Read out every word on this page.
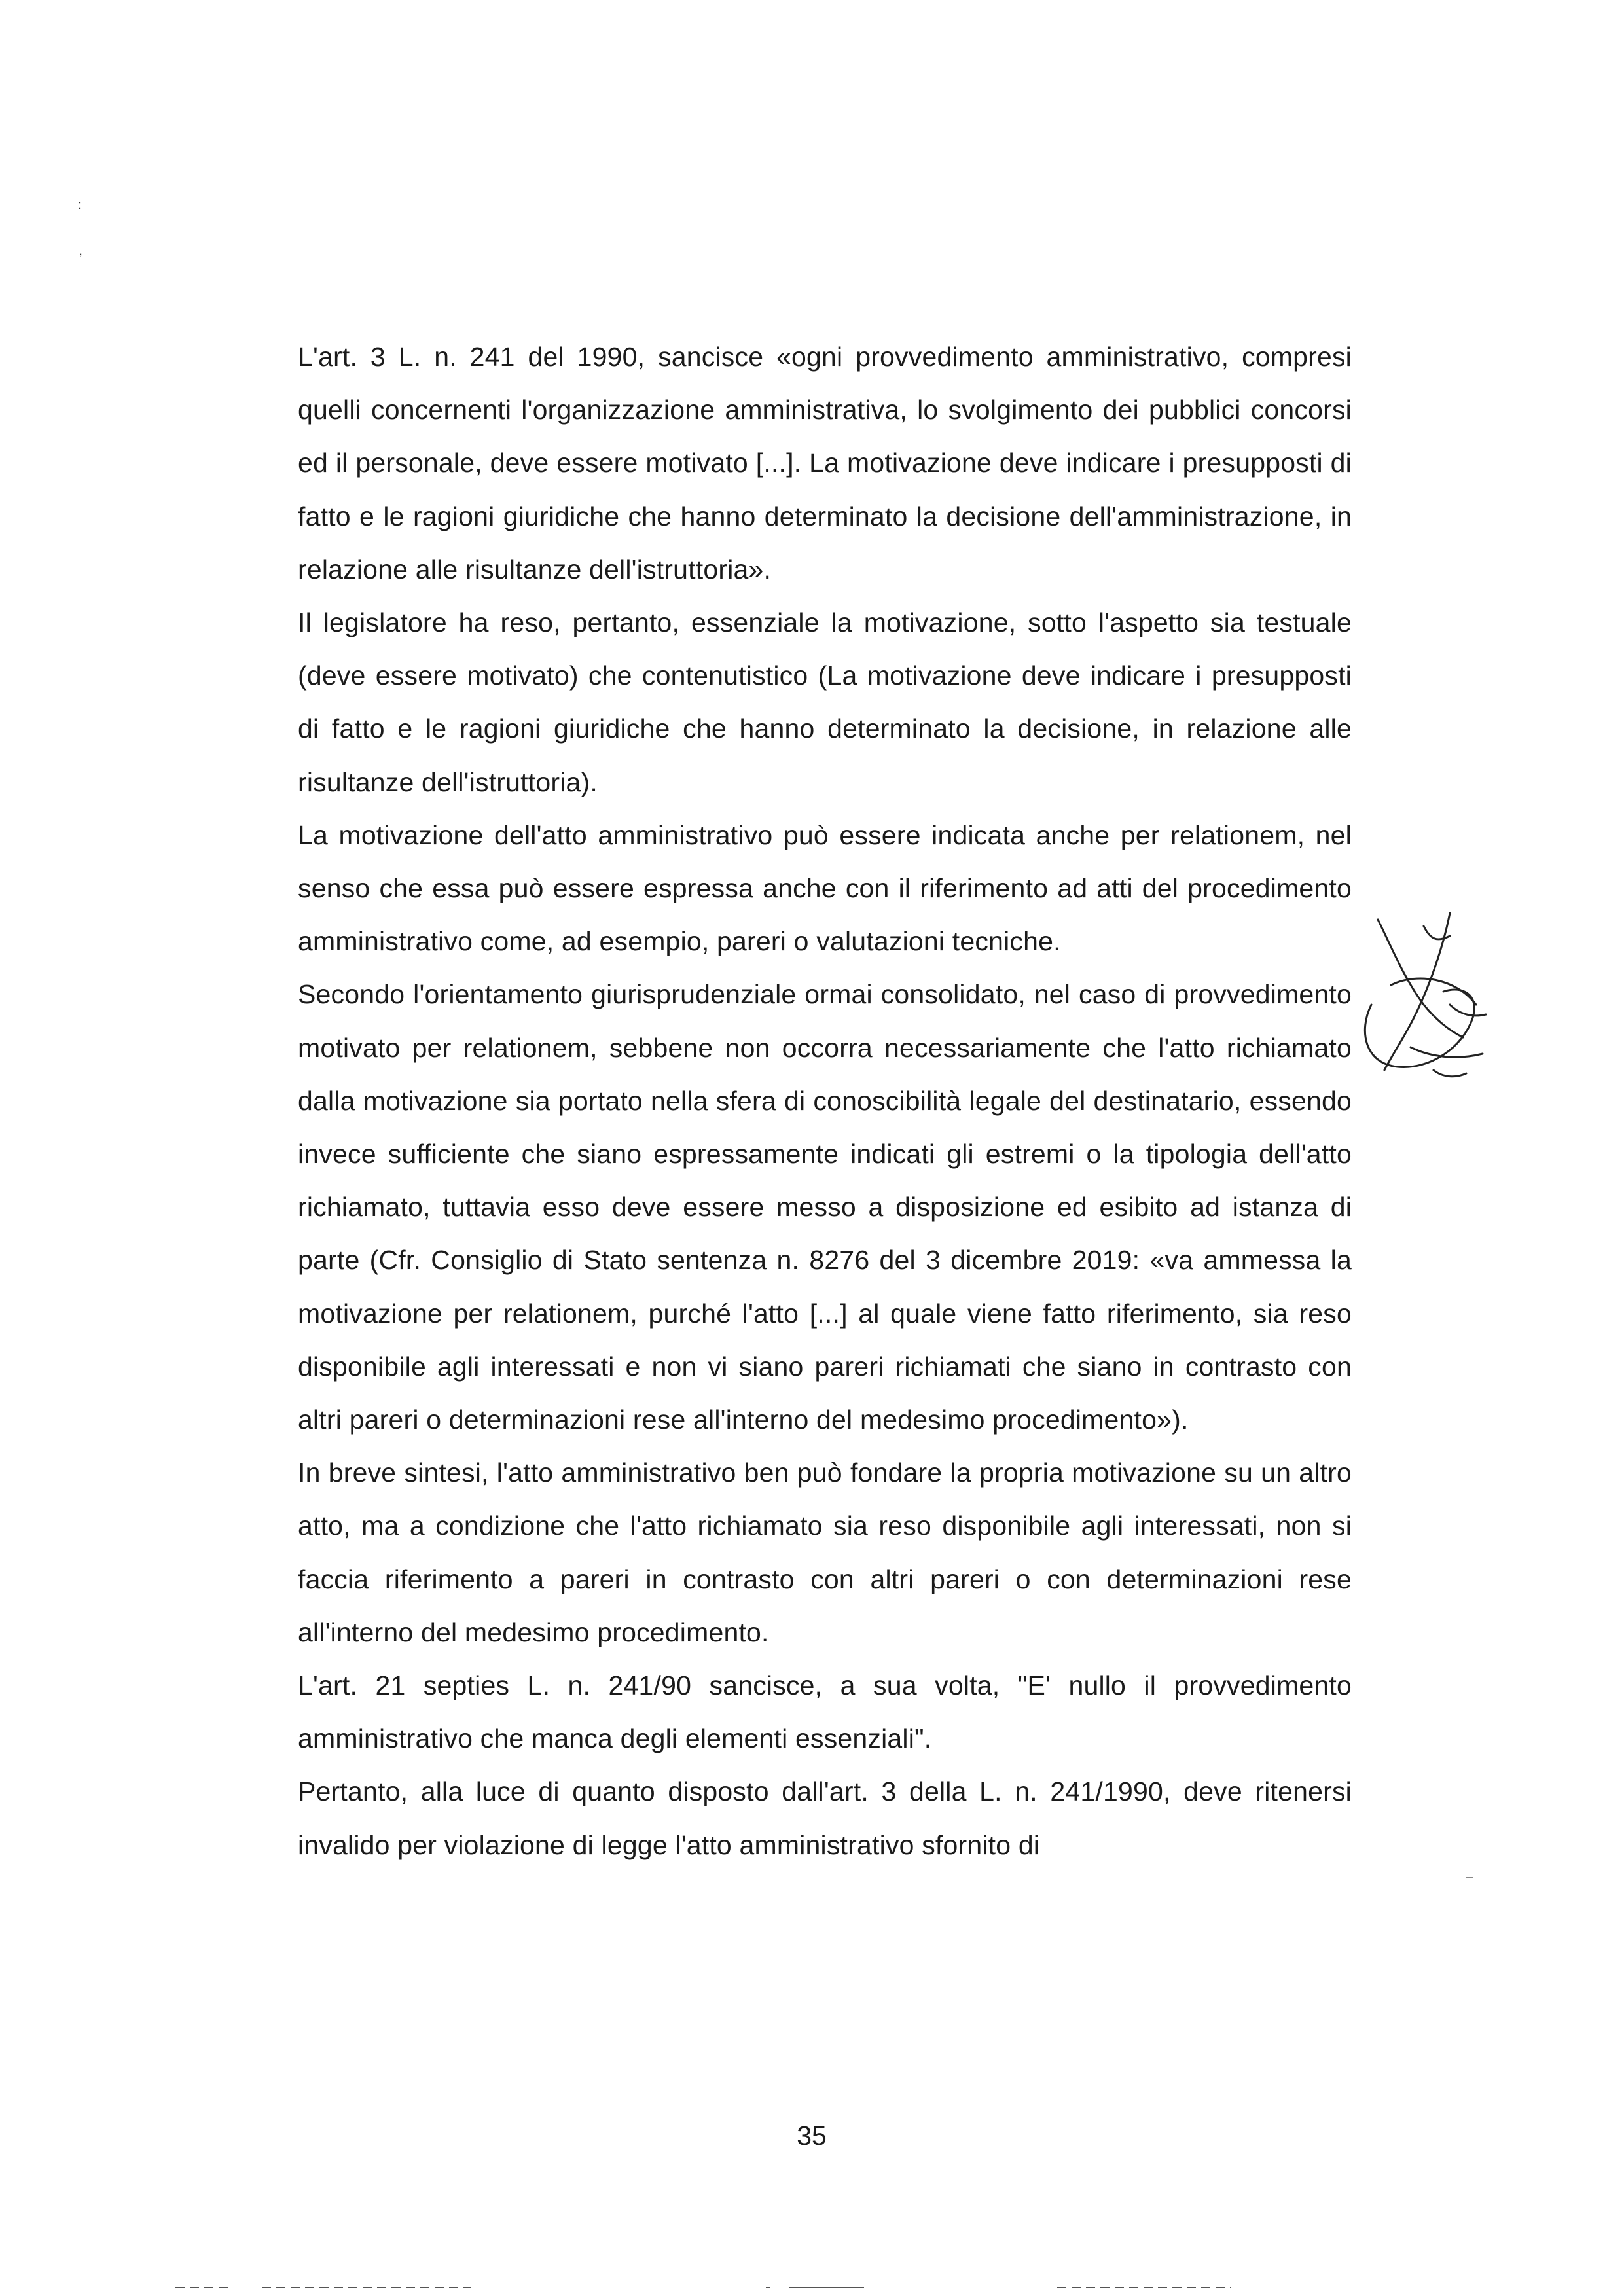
:
,

L'art. 3 L. n. 241 del 1990, sancisce «ogni provvedimento amministrativo, compresi quelli concernenti l'organizzazione amministrativa, lo svolgimento dei pubblici concorsi ed il personale, deve essere motivato [...]. La motivazione deve indicare i presupposti di fatto e le ragioni giuridiche che hanno determinato la decisione dell'amministrazione, in relazione alle risultanze dell'istruttoria».

Il legislatore ha reso, pertanto, essenziale la motivazione, sotto l'aspetto sia testuale (deve essere motivato) che contenutistico (La motivazione deve indicare i presupposti di fatto e le ragioni giuridiche che hanno determinato la decisione, in relazione alle risultanze dell'istruttoria).

La motivazione dell'atto amministrativo può essere indicata anche per relationem, nel senso che essa può essere espressa anche con il riferimento ad atti del procedimento amministrativo come, ad esempio, pareri o valutazioni tecniche.

Secondo l'orientamento giurisprudenziale ormai consolidato, nel caso di provvedimento motivato per relationem, sebbene non occorra necessariamente che l'atto richiamato dalla motivazione sia portato nella sfera di conoscibilità legale del destinatario, essendo invece sufficiente che siano espressamente indicati gli estremi o la tipologia dell'atto richiamato, tuttavia esso deve essere messo a disposizione ed esibito ad istanza di parte (Cfr. Consiglio di Stato sentenza n. 8276 del 3 dicembre 2019: «va ammessa la motivazione per relationem, purché l'atto [...] al quale viene fatto riferimento, sia reso disponibile agli interessati e non vi siano pareri richiamati che siano in contrasto con altri pareri o determinazioni rese all'interno del medesimo procedimento»).

In breve sintesi, l'atto amministrativo ben può fondare la propria motivazione su un altro atto, ma a condizione che l'atto richiamato sia reso disponibile agli interessati, non si faccia riferimento a pareri in contrasto con altri pareri o con determinazioni rese all'interno del medesimo procedimento.

L'art. 21 septies L. n. 241/90 sancisce, a sua volta, "E' nullo il provvedimento amministrativo che manca degli elementi essenziali".

Pertanto, alla luce di quanto disposto dall'art. 3 della L. n. 241/1990, deve ritenersi invalido per violazione di legge l'atto amministrativo sfornito di

35
